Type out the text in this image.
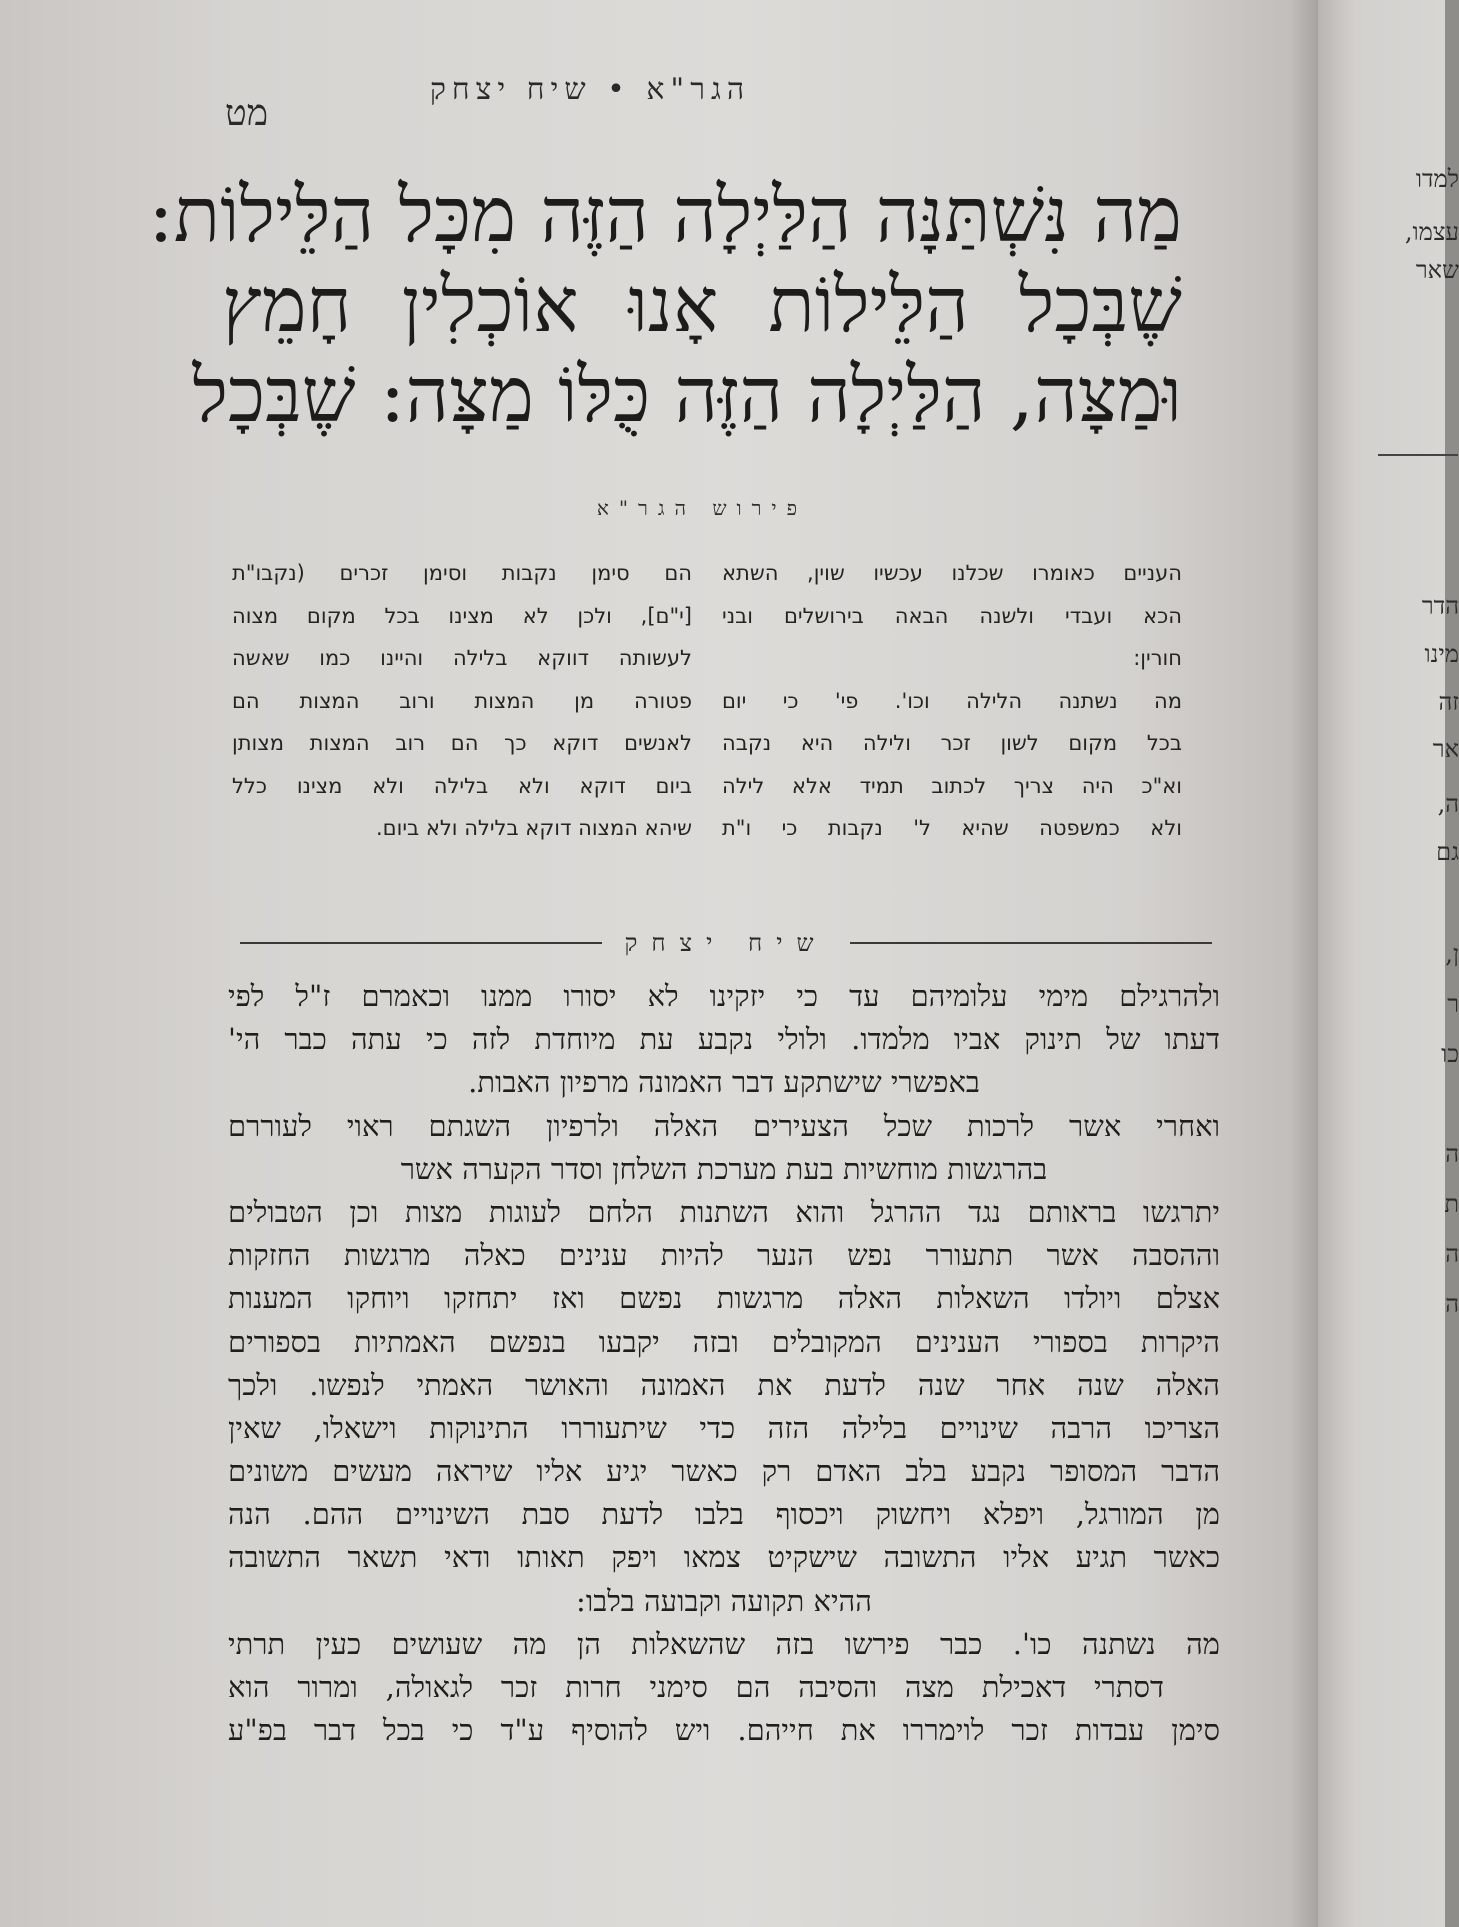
הגר"א • שיח יצחק
מט
מַה נִּשְׁתַּנָּה הַלַּיְלָה הַזֶּה מִכָּל הַלֵּילוֹת:
שֶׁבְּכָל הַלֵּילוֹת אָנוּ אוֹכְלִין חָמֵץ
וּמַצָּה, הַלַּיְלָה הַזֶּה כֻּלּוֹ מַצָּה: שֶׁבְּכָל
פירוש הגר"א
העניים כאומרו שכלנו עכשיו שוין, השתא
הכא ועבדי ולשנה הבאה בירושלים ובני
חורין:
מה נשתנה הלילה וכו'. פי' כי יום
בכל מקום לשון זכר ולילה היא נקבה
וא"כ היה צריך לכתוב תמיד אלא לילה
ולא כמשפטה שהיא ל' נקבות כי ו"ת
הם סימן נקבות וסימן זכרים (נקבו"ת
[י"ם], ולכן לא מצינו בכל מקום מצוה
לעשותה דווקא בלילה והיינו כמו שאשה
פטורה מן המצות ורוב המצות הם
לאנשים דוקא כך הם רוב המצות מצותן
ביום דוקא ולא בלילה ולא מצינו כלל
שיהא המצוה דוקא בלילה ולא ביום.
שיח יצחק
ולהרגילם מימי עלומיהם עד כי יזקינו לא יסורו ממנו וכאמרם ז"ל לפי
דעתו של תינוק אביו מלמדו. ולולי נקבע עת מיוחדת לזה כי עתה כבר הי'
באפשרי שישתקע דבר האמונה מרפיון האבות.
ואחרי אשר לרכות שכל הצעירים האלה ולרפיון השגתם ראוי לעוררם
בהרגשות מוחשיות בעת מערכת השלחן וסדר הקערה אשר
יתרגשו בראותם נגד ההרגל והוא השתנות הלחם לעוגות מצות וכן הטבולים
וההסבה אשר תתעורר נפש הנער להיות ענינים כאלה מרגשות החזקות
אצלם ויולדו השאלות האלה מרגשות נפשם ואז יתחזקו ויוחקו המענות
היקרות בספורי הענינים המקובלים ובזה יקבעו בנפשם האמתיות בספורים
האלה שנה אחר שנה לדעת את האמונה והאושר האמתי לנפשו. ולכך
הצריכו הרבה שינויים בלילה הזה כדי שיתעוררו התינוקות וישאלו, שאין
הדבר המסופר נקבע בלב האדם רק כאשר יגיע אליו שיראה מעשים משונים
מן המורגל, ויפלא ויחשוק ויכסוף בלבו לדעת סבת השינויים ההם. הנה
כאשר תגיע אליו התשובה שישקיט צמאו ויפק תאותו ודאי תשאר התשובה
ההיא תקועה וקבועה בלבו:
מה נשתנה כו'. כבר פירשו בזה שהשאלות הן מה שעושים כעין תרתי
דסתרי דאכילת מצה והסיבה הם סימני חרות זכר לגאולה, ומרור הוא
סימן עבדות זכר לוימררו את חייהם. ויש להוסיף ע"ד כי בכל דבר בפ"ע
למדו
עצמו,
שאר
הדר
מינו
זה
אר
ה,
גם
ן,
ר
כו
ה
ת
ה
ה
